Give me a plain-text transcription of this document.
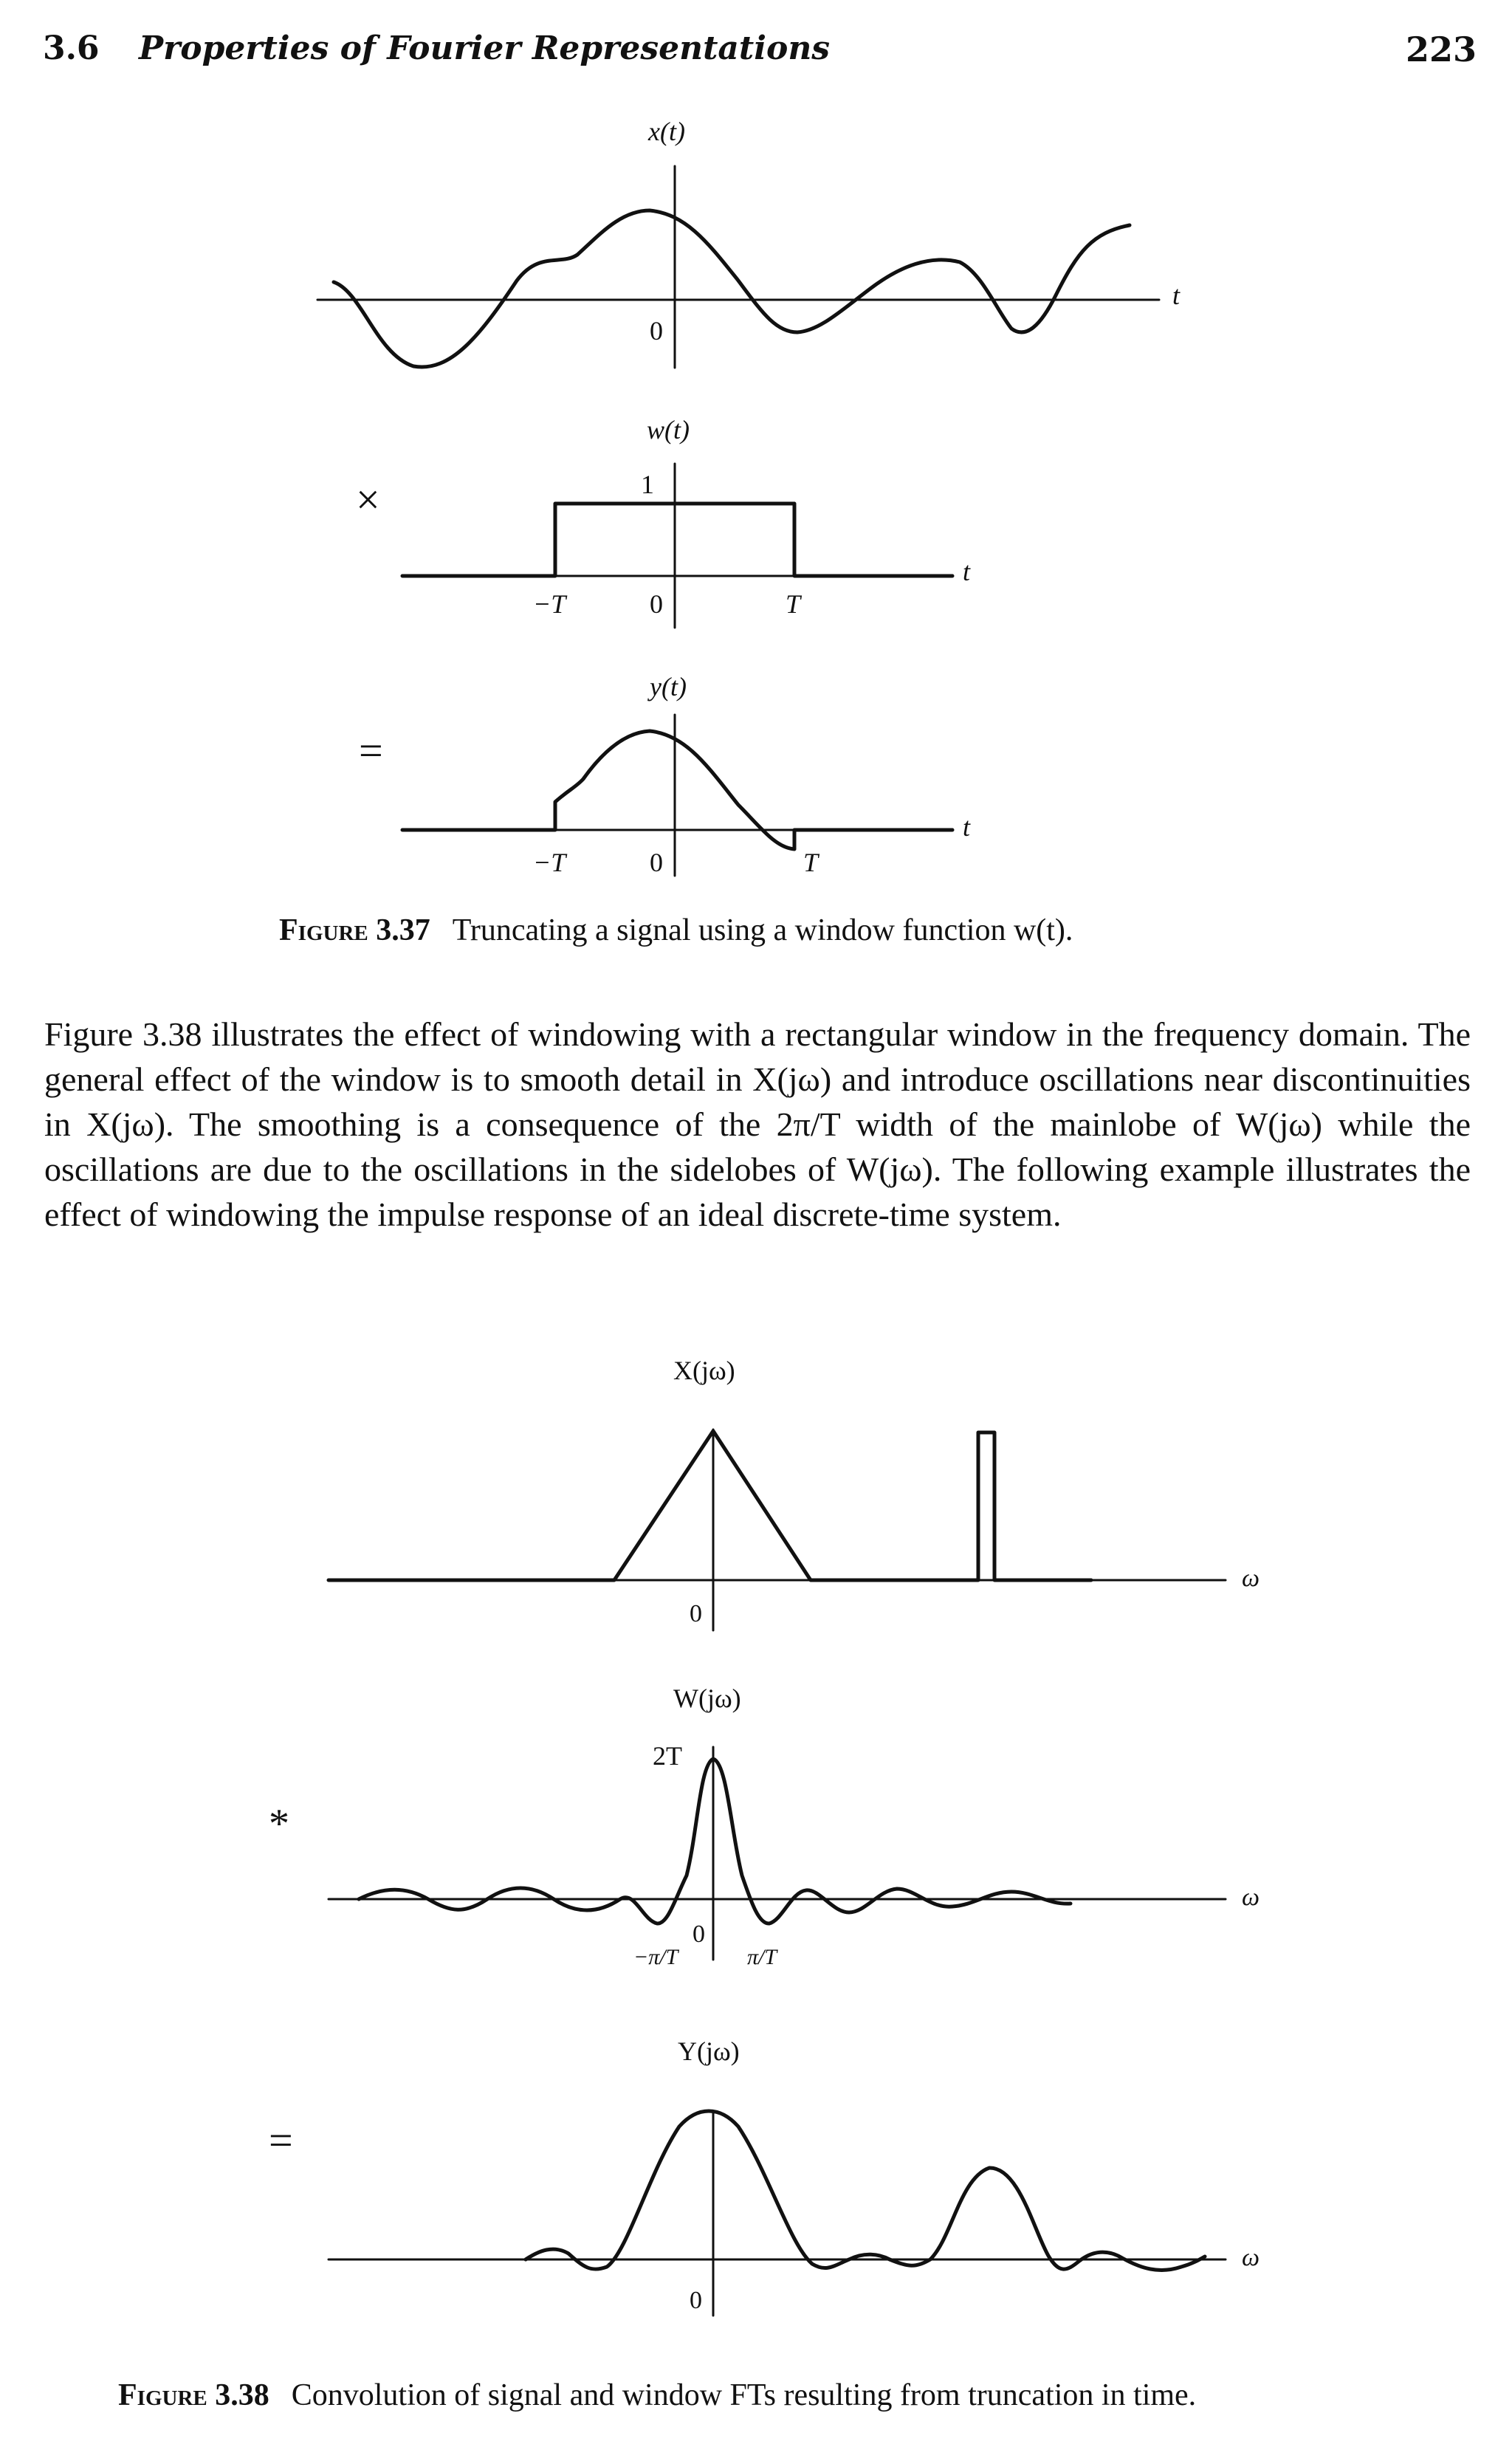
3.6 Properties of Fourier Representations	223
x(t)
t
0
w(t)
t
1
0
−T	T
×
y(t)
t
0
−T	T
=
X(jω)
ω
0
W(jω)
ω
2T
0
−π/T	π/T
*
Y(jω)
ω
0
=
Figure 3.37 Truncating a signal using a window function w(t).
Figure 3.38 illustrates the effect of windowing with a rectangular window in the frequency domain. The general effect of the window is to smooth detail in X(jω) and introduce oscillations near discontinuities in X(jω). The smoothing is a consequence of the 2π/T width of the mainlobe of W(jω) while the oscillations are due to the oscillations in the sidelobes of W(jω). The following example illustrates the effect of windowing the impulse response of an ideal discrete-time system.
Figure 3.38 Convolution of signal and window FTs resulting from truncation in time.
